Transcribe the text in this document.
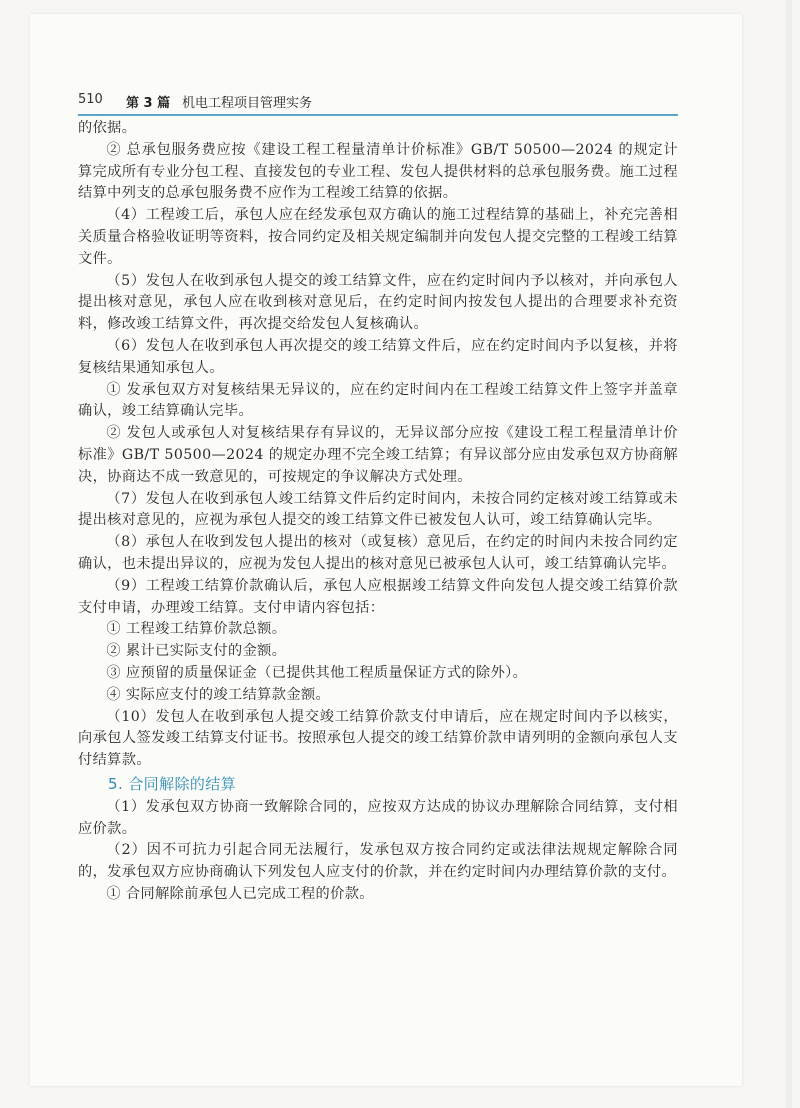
510 第 3 篇 机电工程项目管理实务

的依据。

② 总承包服务费应按《建设工程工程量清单计价标准》GB/T 50500—2024 的规定计算完成所有专业分包工程、直接发包的专业工程、发包人提供材料的总承包服务费。施工过程结算中列支的总承包服务费不应作为工程竣工结算的依据。

（4）工程竣工后，承包人应在经发承包双方确认的施工过程结算的基础上，补充完善相关质量合格验收证明等资料，按合同约定及相关规定编制并向发包人提交完整的工程竣工结算文件。

（5）发包人在收到承包人提交的竣工结算文件，应在约定时间内予以核对，并向承包人提出核对意见，承包人应在收到核对意见后，在约定时间内按发包人提出的合理要求补充资料，修改竣工结算文件，再次提交给发包人复核确认。

（6）发包人在收到承包人再次提交的竣工结算文件后，应在约定时间内予以复核，并将复核结果通知承包人。

① 发承包双方对复核结果无异议的，应在约定时间内在工程竣工结算文件上签字并盖章确认，竣工结算确认完毕。

② 发包人或承包人对复核结果存有异议的，无异议部分应按《建设工程工程量清单计价标准》GB/T 50500—2024 的规定办理不完全竣工结算；有异议部分应由发承包双方协商解决，协商达不成一致意见的，可按规定的争议解决方式处理。

（7）发包人在收到承包人竣工结算文件后约定时间内，未按合同约定核对竣工结算或未提出核对意见的，应视为承包人提交的竣工结算文件已被发包人认可，竣工结算确认完毕。

（8）承包人在收到发包人提出的核对（或复核）意见后，在约定的时间内未按合同约定确认，也未提出异议的，应视为发包人提出的核对意见已被承包人认可，竣工结算确认完毕。

（9）工程竣工结算价款确认后，承包人应根据竣工结算文件向发包人提交竣工结算价款支付申请，办理竣工结算。支付申请内容包括：

① 工程竣工结算价款总额。

② 累计已实际支付的金额。

③ 应预留的质量保证金（已提供其他工程质量保证方式的除外）。

④ 实际应支付的竣工结算款金额。

（10）发包人在收到承包人提交竣工结算价款支付申请后，应在规定时间内予以核实，向承包人签发竣工结算支付证书。按照承包人提交的竣工结算价款申请列明的金额向承包人支付结算款。

5. 合同解除的结算

（1）发承包双方协商一致解除合同的，应按双方达成的协议办理解除合同结算，支付相应价款。

（2）因不可抗力引起合同无法履行，发承包双方按合同约定或法律法规规定解除合同的，发承包双方应协商确认下列发包人应支付的价款，并在约定时间内办理结算价款的支付。

① 合同解除前承包人已完成工程的价款。
